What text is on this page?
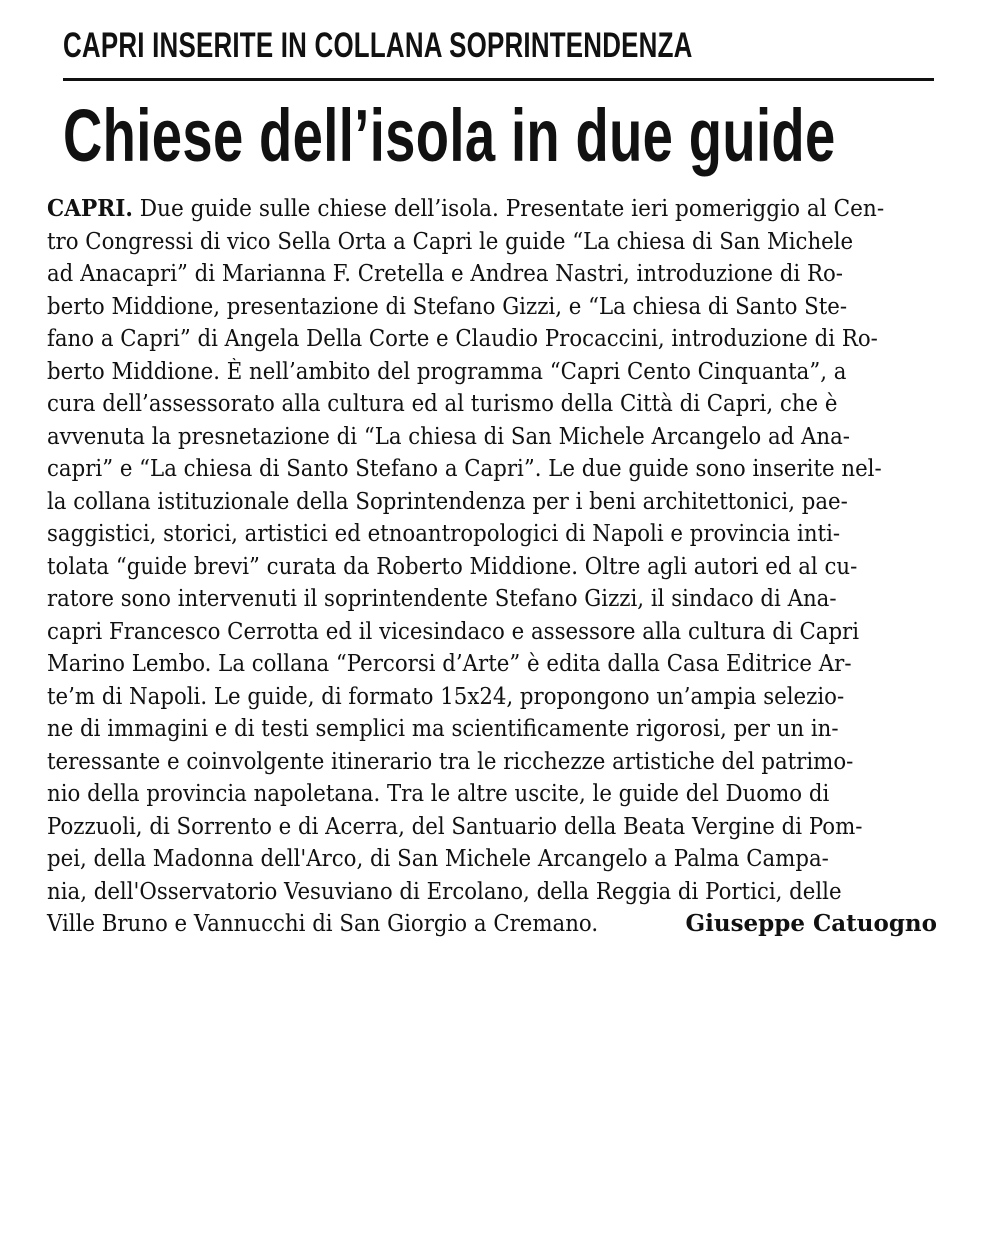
CAPRI INSERITE IN COLLANA SOPRINTENDENZA
Chiese dell’isola in due guide
CAPRI. Due guide sulle chiese dell’isola. Presentate ieri pomeriggio al Cen-
tro Congressi di vico Sella Orta a Capri le guide “La chiesa di San Michele
ad Anacapri” di Marianna F. Cretella e Andrea Nastri, introduzione di Ro-
berto Middione, presentazione di Stefano Gizzi, e “La chiesa di Santo Ste-
fano a Capri” di Angela Della Corte e Claudio Procaccini, introduzione di Ro-
berto Middione. È nell’ambito del programma “Capri Cento Cinquanta”, a
cura dell’assessorato alla cultura ed al turismo della Città di Capri, che è
avvenuta la presnetazione di “La chiesa di San Michele Arcangelo ad Ana-
capri” e “La chiesa di Santo Stefano a Capri”. Le due guide sono inserite nel-
la collana istituzionale della Soprintendenza per i beni architettonici, pae-
saggistici, storici, artistici ed etnoantropologici di Napoli e provincia inti-
tolata “guide brevi” curata da Roberto Middione. Oltre agli autori ed al cu-
ratore sono intervenuti il soprintendente Stefano Gizzi, il sindaco di Ana-
capri Francesco Cerrotta ed il vicesindaco e assessore alla cultura di Capri
Marino Lembo. La collana “Percorsi d’Arte” è edita dalla Casa Editrice Ar-
te’m di Napoli. Le guide, di formato 15x24, propongono un’ampia selezio-
ne di immagini e di testi semplici ma scientificamente rigorosi, per un in-
teressante e coinvolgente itinerario tra le ricchezze artistiche del patrimo-
nio della provincia napoletana. Tra le altre uscite, le guide del Duomo di
Pozzuoli, di Sorrento e di Acerra, del Santuario della Beata Vergine di Pom-
pei, della Madonna dell'Arco, di San Michele Arcangelo a Palma Campa-
nia, dell'Osservatorio Vesuviano di Ercolano, della Reggia di Portici, delle
Ville Bruno e Vannucchi di San Giorgio a Cremano.	Giuseppe Catuogno
